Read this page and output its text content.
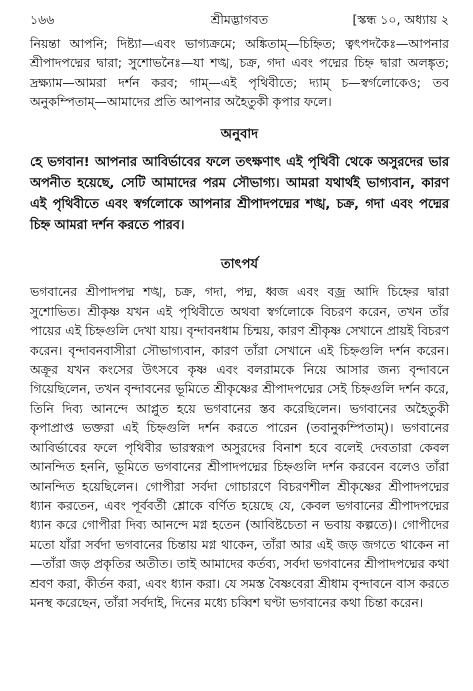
১৬৬	শ্রীমদ্ভাগবত	[স্কন্ধ ১০, অধ্যায় ২

নিয়ন্তা আপনি; দিষ্ট্যা—এবং ভাগ্যক্রমে; অঙ্কিতাম্—চিহ্নিত; ত্বৎপদকৈঃ—আপনার শ্রীপাদপদ্মের দ্বারা; সুশোভনৈঃ—যা শঙ্খ, চক্র, গদা এবং পদ্মের চিহ্ন দ্বারা অলঙ্কৃত; দ্রক্ষ্যাম—আমরা দর্শন করব; গাম্—এই পৃথিবীতে; দ্যাম্ চ—স্বর্গলোকেও; তব অনুকম্পিতাম্—আমাদের প্রতি আপনার অহৈতুকী কৃপার ফলে।

অনুবাদ

হে ভগবান! আপনার আবির্ভাবের ফলে তৎক্ষণাৎ এই পৃথিবী থেকে অসুরদের ভার অপনীত হয়েছে, সেটি আমাদের পরম সৌভাগ্য। আমরা যথার্থই ভাগ্যবান, কারণ এই পৃথিবীতে এবং স্বর্গলোকে আপনার শ্রীপাদপদ্মের শঙ্খ, চক্র, গদা এবং পদ্মের চিহ্ন আমরা দর্শন করতে পারব।

তাৎপর্য

ভগবানের শ্রীপাদপদ্ম শঙ্খ, চক্র, গদা, পদ্ম, ধ্বজ এবং বজ্র আদি চিহ্নের দ্বারা সুশোভিত। শ্রীকৃষ্ণ যখন এই পৃথিবীতে অথবা স্বর্গলোকে বিচরণ করেন, তখন তাঁর পায়ের এই চিহ্নগুলি দেখা যায়। বৃন্দাবনধাম চিন্ময়, কারণ শ্রীকৃষ্ণ সেখানে প্রায়ই বিচরণ করেন। বৃন্দাবনবাসীরা সৌভাগ্যবান, কারণ তাঁরা সেখানে এই চিহ্নগুলি দর্শন করেন। অক্রূর যখন কংসের উৎসবে কৃষ্ণ এবং বলরামকে নিয়ে আসার জন্য বৃন্দাবনে গিয়েছিলেন, তখন বৃন্দাবনের ভূমিতে শ্রীকৃষ্ণের শ্রীপাদপদ্মের সেই চিহ্নগুলি দর্শন করে, তিনি দিব্য আনন্দে আপ্লুত হয়ে ভগবানের স্তব করেছিলেন। ভগবানের অহৈতুকী কৃপাপ্রাপ্ত ভক্তরা এই চিহ্নগুলি দর্শন করতে পারেন (তবানুকম্পিতাম্)। ভগবানের আবির্ভাবের ফলে পৃথিবীর ভারস্বরূপ অসুরদের বিনাশ হবে বলেই দেবতারা কেবল আনন্দিত হননি, ভূমিতে ভগবানের শ্রীপাদপদ্মের চিহ্নগুলি দর্শন করবেন বলেও তাঁরা আনন্দিত হয়েছিলেন। গোপীরা সর্বদা গোচারণে বিচরণশীল শ্রীকৃষ্ণের শ্রীপাদপদ্মের ধ্যান করতেন, এবং পূর্ববর্তী শ্লোকে বর্ণিত হয়েছে যে, কেবল ভগবানের শ্রীপাদপদ্মের ধ্যান করে গোপীরা দিব্য আনন্দে মগ্ন হতেন (আবিষ্টচেতা ন ভবায় কল্পতে)। গোপীদের মতো যাঁরা সর্বদা ভগবানের চিন্তায় মগ্ন থাকেন, তাঁরা আর এই জড় জগতে থাকেন না—তাঁরা জড় প্রকৃতির অতীত। তাই আমাদের কর্তব্য, সর্বদা ভগবানের শ্রীপাদপদ্মের কথা শ্রবণ করা, কীর্তন করা, এবং ধ্যান করা। যে সমস্ত বৈষ্ণবেরা শ্রীধাম বৃন্দাবনে বাস করতে মনস্থ করেছেন, তাঁরা সর্বদাই, দিনের মধ্যে চব্বিশ ঘণ্টা ভগবানের কথা চিন্তা করেন।
